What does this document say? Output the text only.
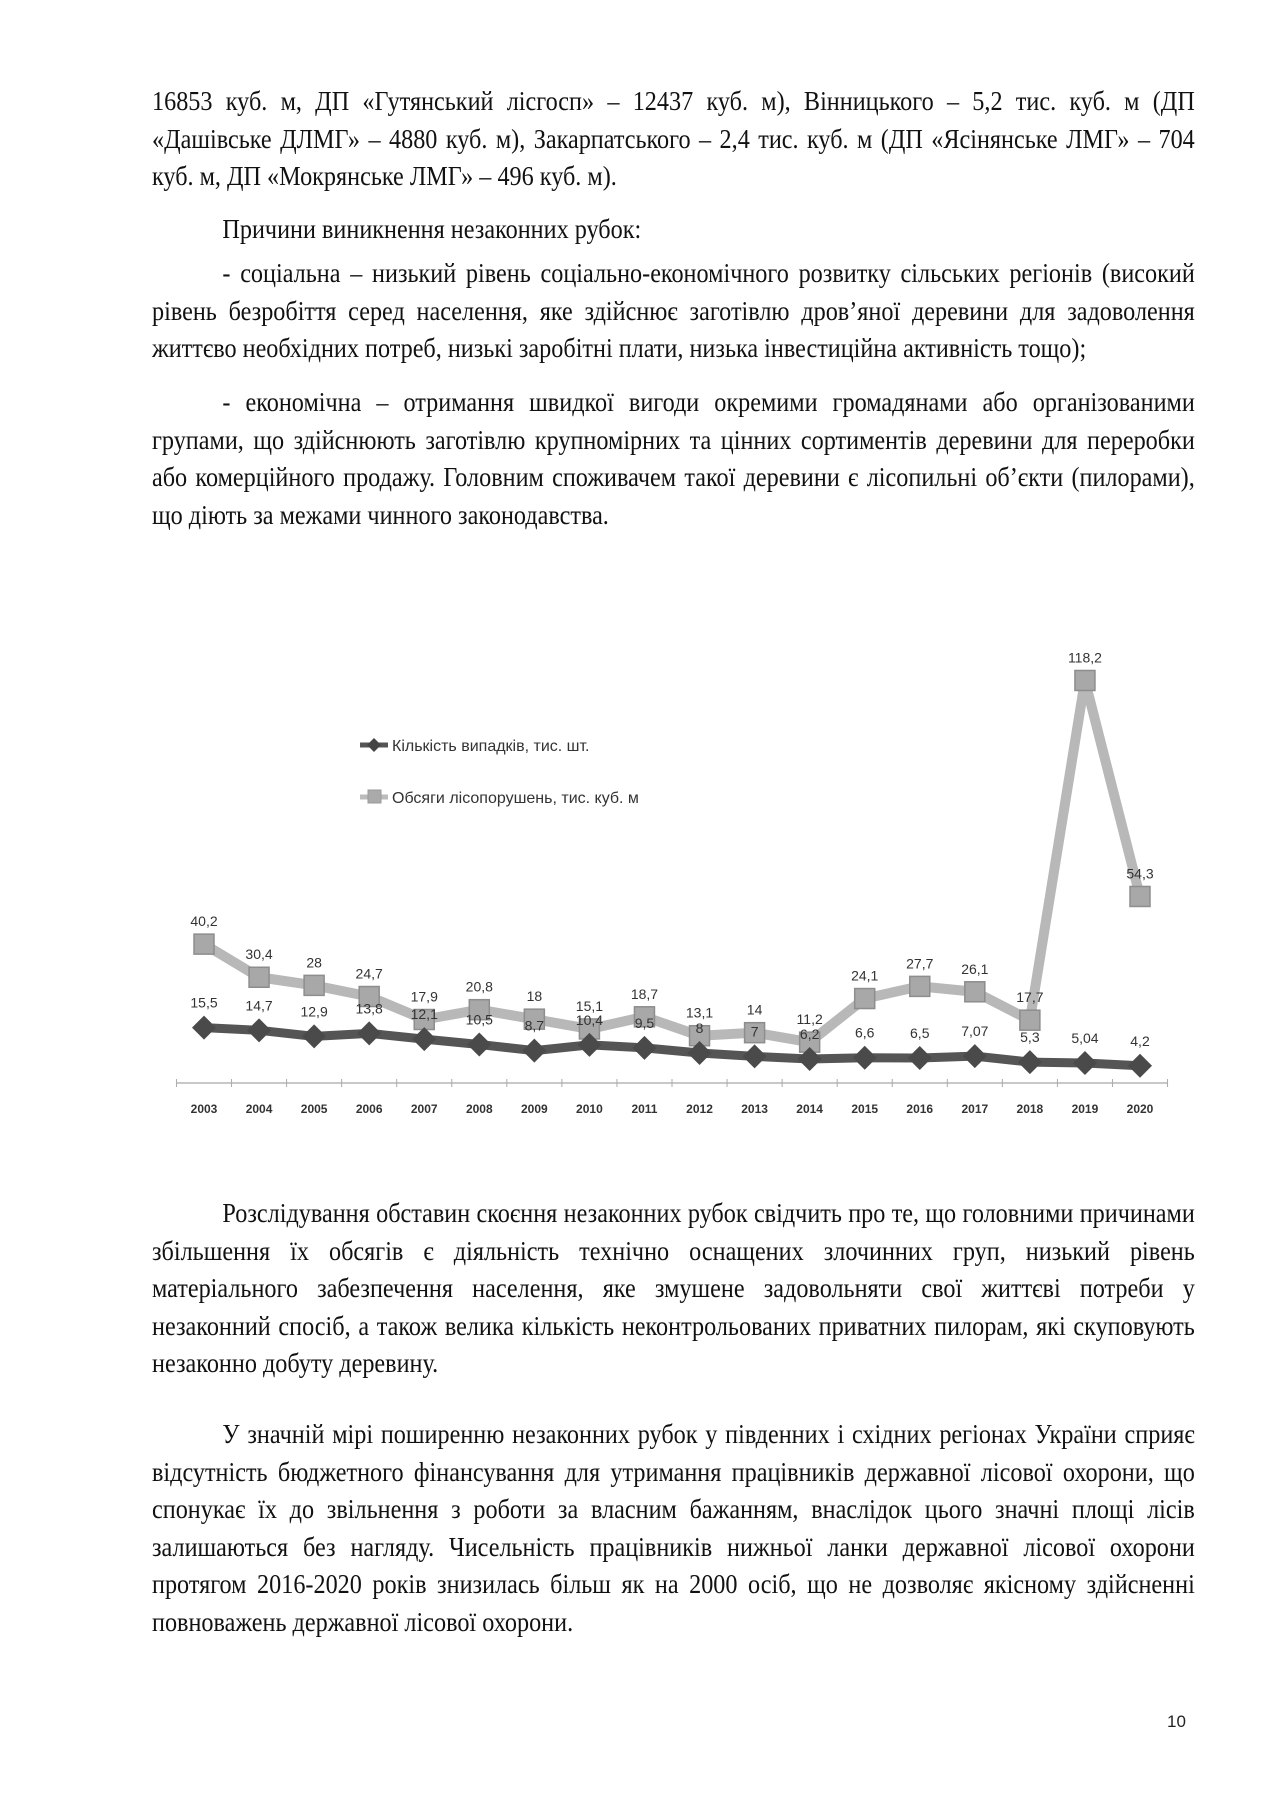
16853 куб. м, ДП «Гутянський лісгосп» – 12437 куб. м), Вінницького – 5,2 тис. куб. м (ДП «Дашівське ДЛМГ» – 4880 куб. м), Закарпатського – 2,4 тис. куб. м (ДП «Ясінянське ЛМГ» – 704 куб. м, ДП «Мокрянське ЛМГ» – 496 куб. м).

Причини виникнення незаконних рубок:

- соціальна – низький рівень соціально-економічного розвитку сільських регіонів (високий рівень безробіття серед населення, яке здійснює заготівлю дров’яної деревини для задоволення життєво необхідних потреб, низькі заробітні плати, низька інвестиційна активність тощо);

- економічна – отримання швидкої вигоди окремими громадянами або організованими групами, що здійснюють заготівлю крупномірних та цінних сортиментів деревини для переробки або комерційного продажу. Головним споживачем такої деревини є лісопильні об’єкти (пилорами), що діють за межами чинного законодавства.

Кількість випадків, тис. шт.
Обсяги лісопорушень, тис. куб. м
2003 2004 2005 2006 2007 2008 2009 2010 2011 2012 2013 2014 2015 2016 2017 2018 2019 2020
15,5 14,7 12,9 13,8 12,1 10,5 8,7 10,4 9,5	8	7	6,2	6,6	6,5 7,07 5,3 5,04 4,2
40,2
30,4
28
24,7
17,9
20,8
18
15,1
18,7
13,1 14
11,2
24,1
27,7 26,1
17,7
118,2
54,3

Розслідування обставин скоєння незаконних рубок свідчить про те, що головними причинами збільшення їх обсягів є діяльність технічно оснащених злочинних груп, низький рівень матеріального забезпечення населення, яке змушене задовольняти свої життєві потреби у незаконний спосіб, а також велика кількість неконтрольованих приватних пилорам, які скуповують незаконно добуту деревину.

У значній мірі поширенню незаконних рубок у південних і східних регіонах України сприяє відсутність бюджетного фінансування для утримання працівників державної лісової охорони, що спонукає їх до звільнення з роботи за власним бажанням, внаслідок цього значні площі лісів залишаються без нагляду. Чисельність працівників нижньої ланки державної лісової охорони протягом 2016-2020 років знизилась більш як на 2000 осіб, що не дозволяє якісному здійсненні повноважень державної лісової охорони.

10
